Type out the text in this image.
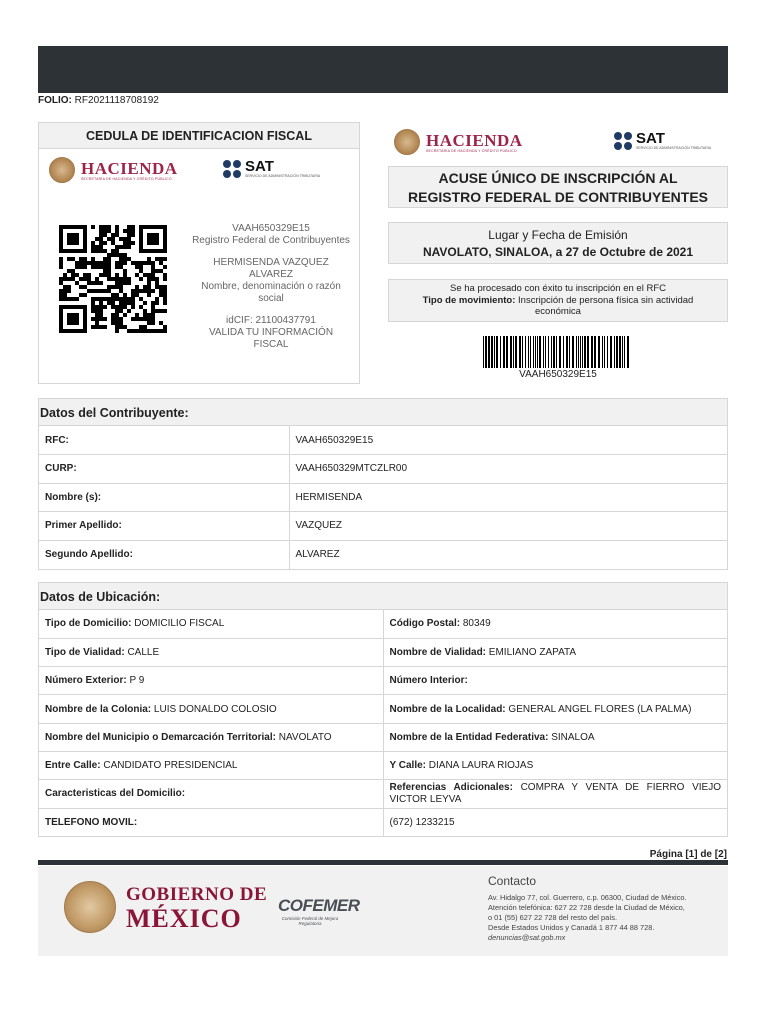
FOLIO: RF2021118708192
CEDULA DE IDENTIFICACION FISCAL
HACIENDA
SECRETARÍA DE HACIENDA Y CRÉDITO PÚBLICO
SAT
SERVICIO DE ADMINISTRACIÓN TRIBUTARIA
VAAH650329E15
Registro Federal de Contribuyentes
HERMISENDA VAZQUEZ ALVAREZ
Nombre, denominación o razón social
idCIF: 21100437791
VALIDA TU INFORMACIÓN FISCAL
HACIENDA
SECRETARÍA DE HACIENDA Y CRÉDITO PÚBLICO
SAT
SERVICIO DE ADMINISTRACIÓN TRIBUTARIA
ACUSE ÚNICO DE INSCRIPCIÓN AL
REGISTRO FEDERAL DE CONTRIBUYENTES
Lugar y Fecha de Emisión
NAVOLATO, SINALOA, a 27 de Octubre de 2021
Se ha procesado con éxito tu inscripción en el RFC
Tipo de movimiento: Inscripción de persona física sin actividad económica
VAAH650329E15
Datos del Contribuyente:
RFC:	VAAH650329E15
CURP:	VAAH650329MTCZLR00
Nombre (s):	HERMISENDA
Primer Apellido:	VAZQUEZ
Segundo Apellido:	ALVAREZ
Datos de Ubicación:
Tipo de Domicilio: DOMICILIO FISCAL	Código Postal: 80349
Tipo de Vialidad: CALLE	Nombre de Vialidad: EMILIANO ZAPATA
Número Exterior: P 9	Número Interior:
Nombre de la Colonia: LUIS DONALDO COLOSIO	Nombre de la Localidad: GENERAL ANGEL FLORES (LA PALMA)
Nombre del Municipio o Demarcación Territorial: NAVOLATO	Nombre de la Entidad Federativa: SINALOA
Entre Calle: CANDIDATO PRESIDENCIAL	Y Calle: DIANA LAURA RIOJAS
Caracteristicas del Domicilio:	Referencias Adicionales: COMPRA Y VENTA DE FIERRO VIEJO VICTOR LEYVA
TELEFONO MOVIL:	(672) 1233215
Página [1] de [2]
GOBIERNO DE
MÉXICO	COFEMER
Comisión Federal de Mejora Regulatoria
Contacto
Av. Hidalgo 77, col. Guerrero, c.p. 06300, Ciudad de México.
Atención telefónica: 627 22 728 desde la Ciudad de México,
o 01 (55) 627 22 728 del resto del país.
Desde Estados Unidos y Canadá 1 877 44 88 728.
denuncias@sat.gob.mx
